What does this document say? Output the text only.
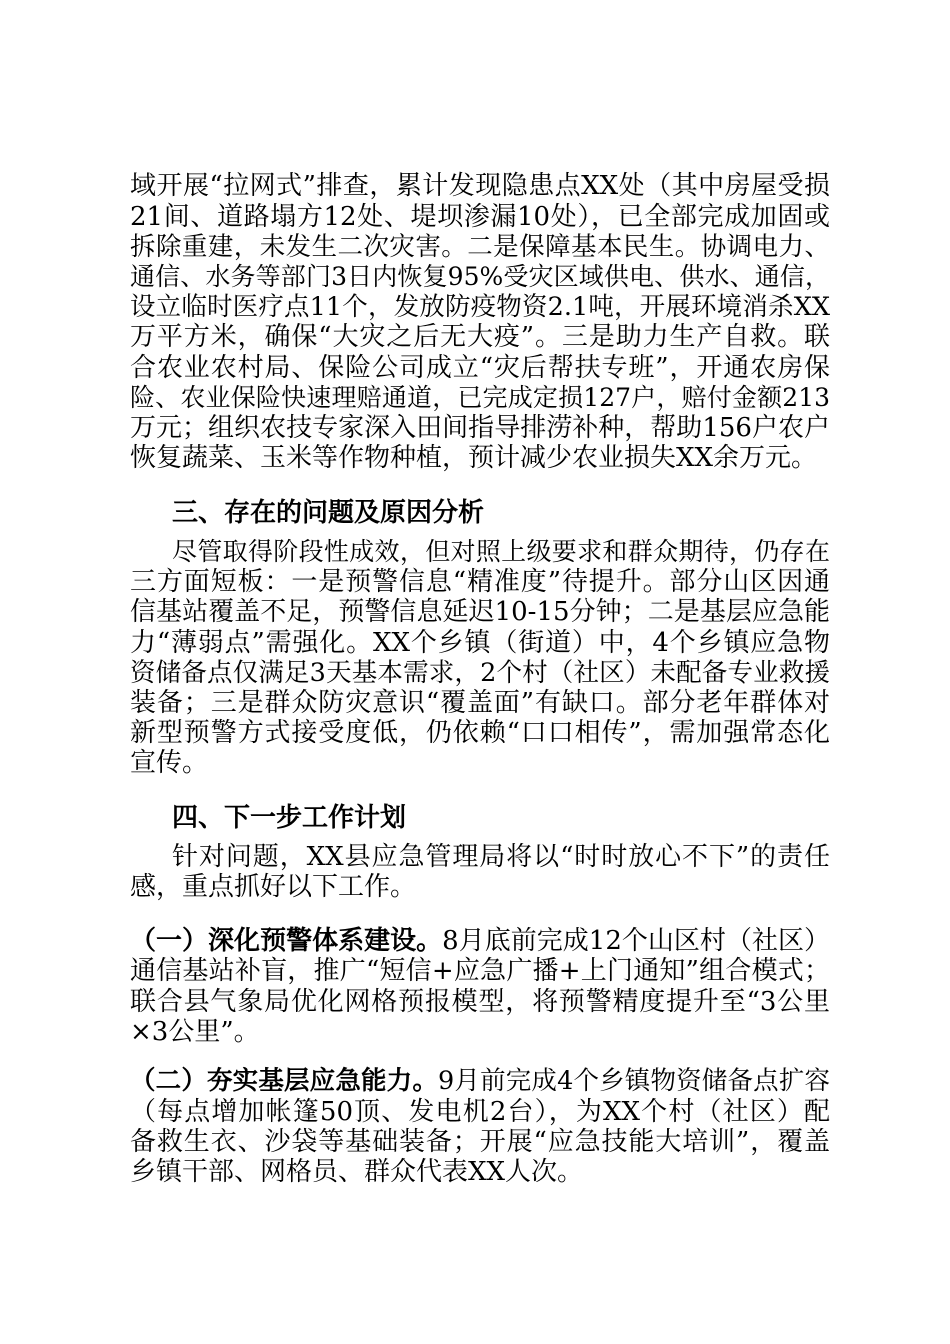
域开展“拉网式”排查，累计发现隐患点XX处（其中房屋受损
21间、道路塌方12处、堤坝渗漏10处），已全部完成加固或
拆除重建，未发生二次灾害。二是保障基本民生。协调电力、
通信、水务等部门3日内恢复95%受灾区域供电、供水、通信，
设立临时医疗点11个，发放防疫物资2.1吨，开展环境消杀XX
万平方米，确保“大灾之后无大疫”。三是助力生产自救。联
合农业农村局、保险公司成立“灾后帮扶专班”，开通农房保
险、农业保险快速理赔通道，已完成定损127户，赔付金额213
万元；组织农技专家深入田间指导排涝补种，帮助156户农户
恢复蔬菜、玉米等作物种植，预计减少农业损失XX余万元。
三、存在的问题及原因分析
尽管取得阶段性成效，但对照上级要求和群众期待，仍存在
三方面短板：一是预警信息“精准度”待提升。部分山区因通
信基站覆盖不足，预警信息延迟10-15分钟；二是基层应急能
力“薄弱点”需强化。XX个乡镇（街道）中，4个乡镇应急物
资储备点仅满足3天基本需求，2个村（社区）未配备专业救援
装备；三是群众防灾意识“覆盖面”有缺口。部分老年群体对
新型预警方式接受度低，仍依赖“口口相传”，需加强常态化
宣传。
四、下一步工作计划
针对问题，XX县应急管理局将以“时时放心不下”的责任
感，重点抓好以下工作。
（一）深化预警体系建设。8月底前完成12个山区村（社区）
通信基站补盲，推广“短信+应急广播+上门通知”组合模式；
联合县气象局优化网格预报模型，将预警精度提升至“3公里
×3公里”。
（二）夯实基层应急能力。9月前完成4个乡镇物资储备点扩容
（每点增加帐篷50顶、发电机2台），为XX个村（社区）配
备救生衣、沙袋等基础装备；开展“应急技能大培训”，覆盖
乡镇干部、网格员、群众代表XX人次。
